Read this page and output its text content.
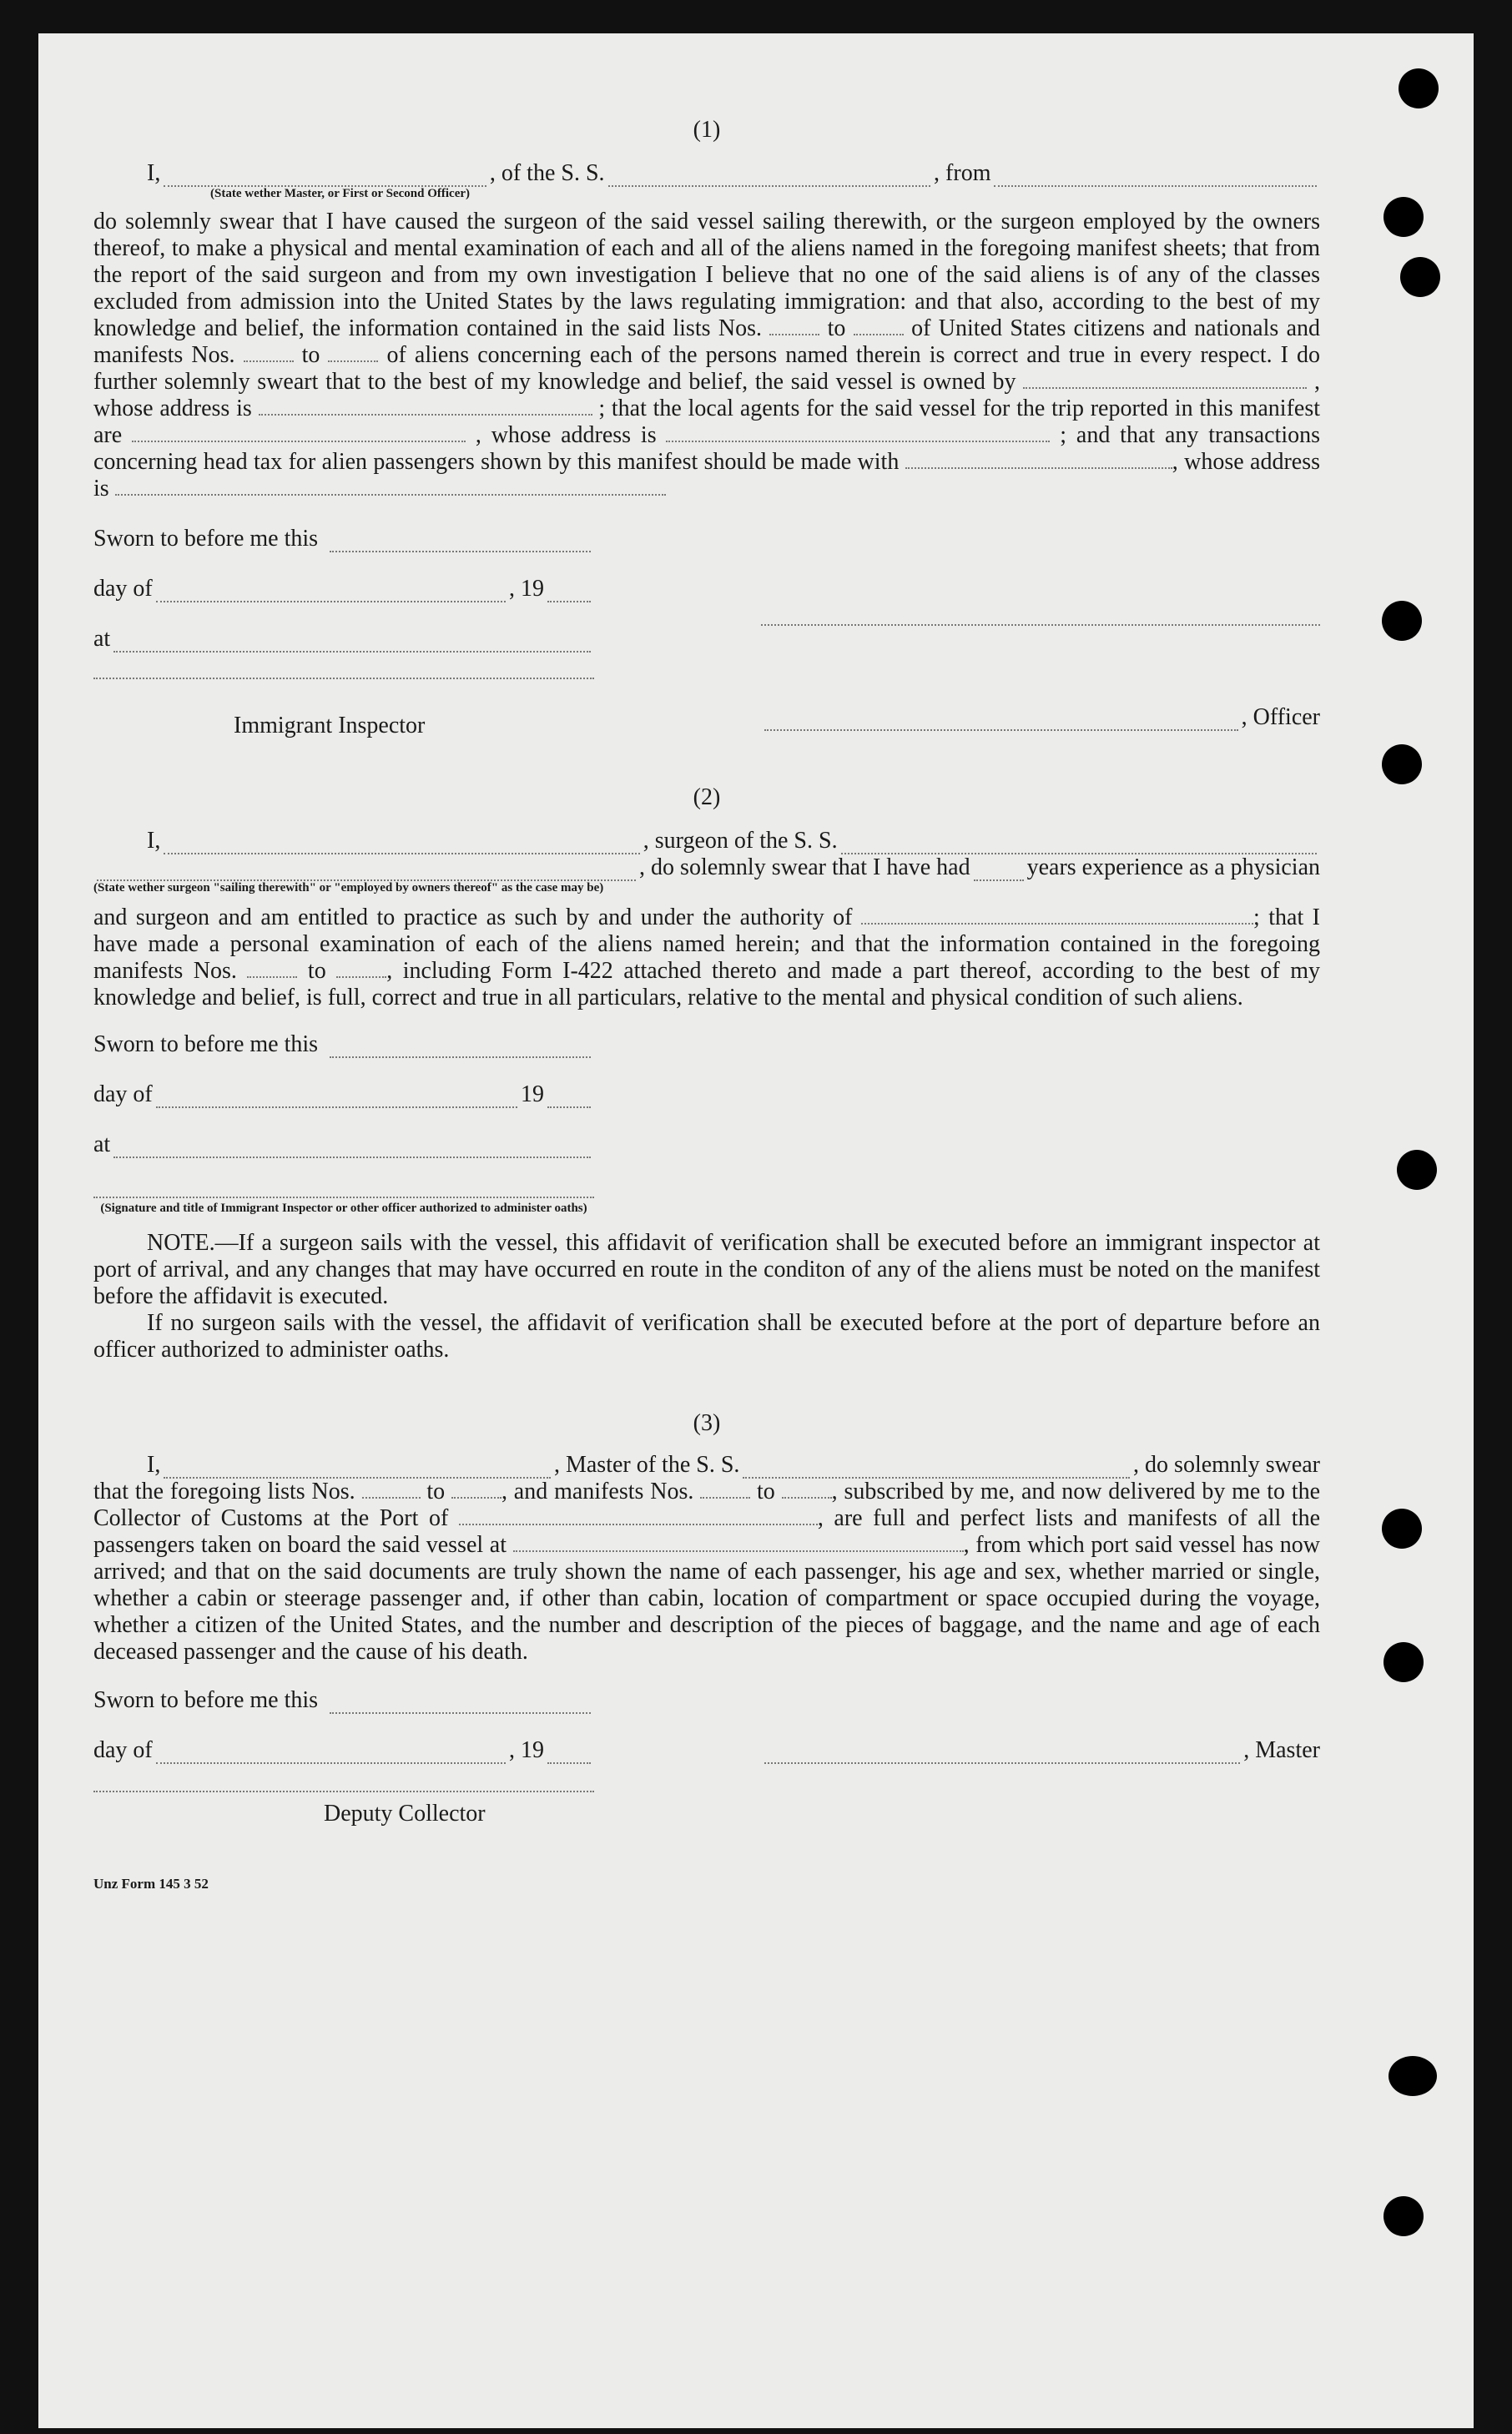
(1)
I,	, of the S. S.	, from
(State wether Master, or First or Second Officer)

do solemnly swear that I have caused the surgeon of the said vessel sailing therewith, or the surgeon employed by the owners thereof, to make a physical and mental examination of each and all of the aliens named in the foregoing manifest sheets; that from the report of the said surgeon and from my own investigation I believe that no one of the said aliens is of any of the classes excluded from admission into the United States by the laws regulating immigration: and that also, according to the best of my knowledge and belief, the information contained in the said lists Nos.	to	of United States citizens and nationals and manifests Nos.	to	of aliens concerning each of the persons named therein is correct and true in every respect. I do further solemnly sweart that to the best of my knowledge and belief, the said vessel is owned by	, whose address is	; that the local agents for the said vessel for the trip reported in this manifest are	, whose address is	; and that any transactions concerning head tax for alien passengers shown by this manifest should be made with	, whose address is

Sworn to before me this
day of	, 19
at
Immigrant Inspector	, Officer
(2)
I,	, surgeon of the S. S.
, do solemnly swear that I have had years experience as a physician
(State wether surgeon "sailing therewith" or "employed by owners thereof" as the case may be)

and surgeon and am entitled to practice as such by and under the authority of	; that I have made a personal examination of each of the aliens named herein; and that the information contained in the foregoing manifests Nos.	to	, including Form I-422 attached thereto and made a part thereof, according to the best of my knowledge and belief, is full, correct and true in all particulars, relative to the mental and physical condition of such aliens.

Sworn to before me this
day of	19
at
(Signature and title of Immigrant Inspector or other officer authorized to administer oaths)

NOTE.—If a surgeon sails with the vessel, this affidavit of verification shall be executed before an immigrant inspector at port of arrival, and any changes that may have occurred en route in the conditon of any of the aliens must be noted on the manifest before the affidavit is executed.

If no surgeon sails with the vessel, the affidavit of verification shall be executed before at the port of departure before an officer authorized to administer oaths.

(3)
I,	, Master of the S. S.	, do solemnly swear

that the foregoing lists Nos.	to , and manifests Nos.	to , subscribed by me, and now delivered by me to the Collector of Customs at the Port of	, are full and perfect lists and manifests of all the passengers taken on board the said vessel at	, from which port said vessel has now arrived; and that on the said documents are truly shown the name of each passenger, his age and sex, whether married or single, whether a cabin or steerage passenger and, if other than cabin, location of compartment or space occupied during the voyage, whether a citizen of the United States, and the number and description of the pieces of baggage, and the name and age of each deceased passenger and the cause of his death.

Sworn to before me this
day of	, 19	, Master
Deputy Collector
Unz Form 145 3 52
